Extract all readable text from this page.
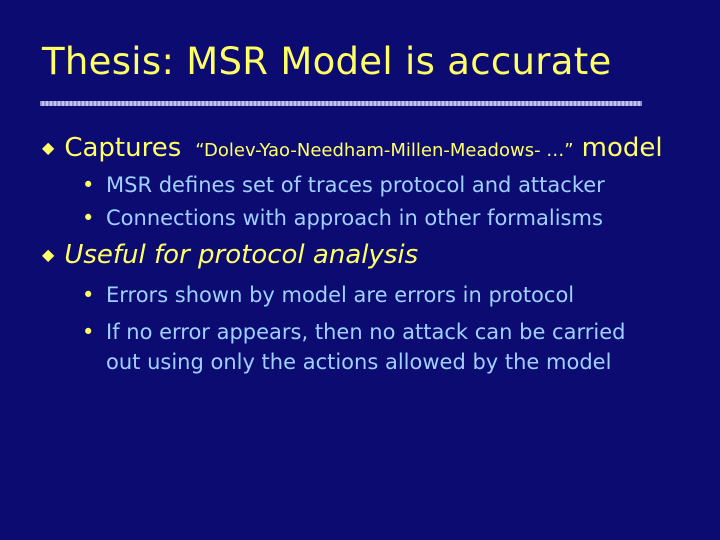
Thesis: MSR Model is accurate
◆ Captures “Dolev-Yao-Needham-Millen-Meadows- …” model
• MSR defines set of traces protocol and attacker
• Connections with approach in other formalisms
◆ Useful for protocol analysis
• Errors shown by model are errors in protocol
• If no error appears, then no attack can be carried
out using only the actions allowed by the model
